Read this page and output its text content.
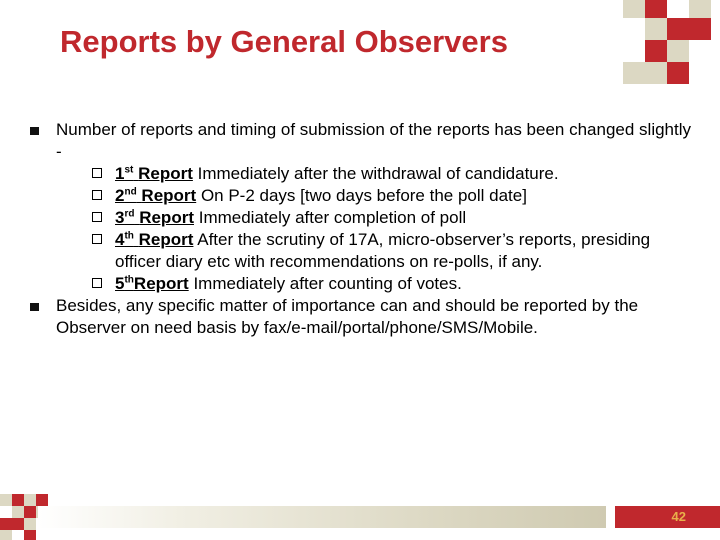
Reports by General Observers
Number of reports and timing of submission of the reports has been changed slightly -
1st Report Immediately after the withdrawal of candidature.
2nd Report On P-2 days [two days before the poll date]
3rd Report Immediately after completion of poll
4th Report After the scrutiny of 17A, micro-observer’s reports, presiding officer diary etc with recommendations on re-polls, if any.
5thReport Immediately after counting of votes.
Besides, any specific matter of importance can and should be reported by the Observer on need basis by fax/e-mail/portal/phone/SMS/Mobile.
42
